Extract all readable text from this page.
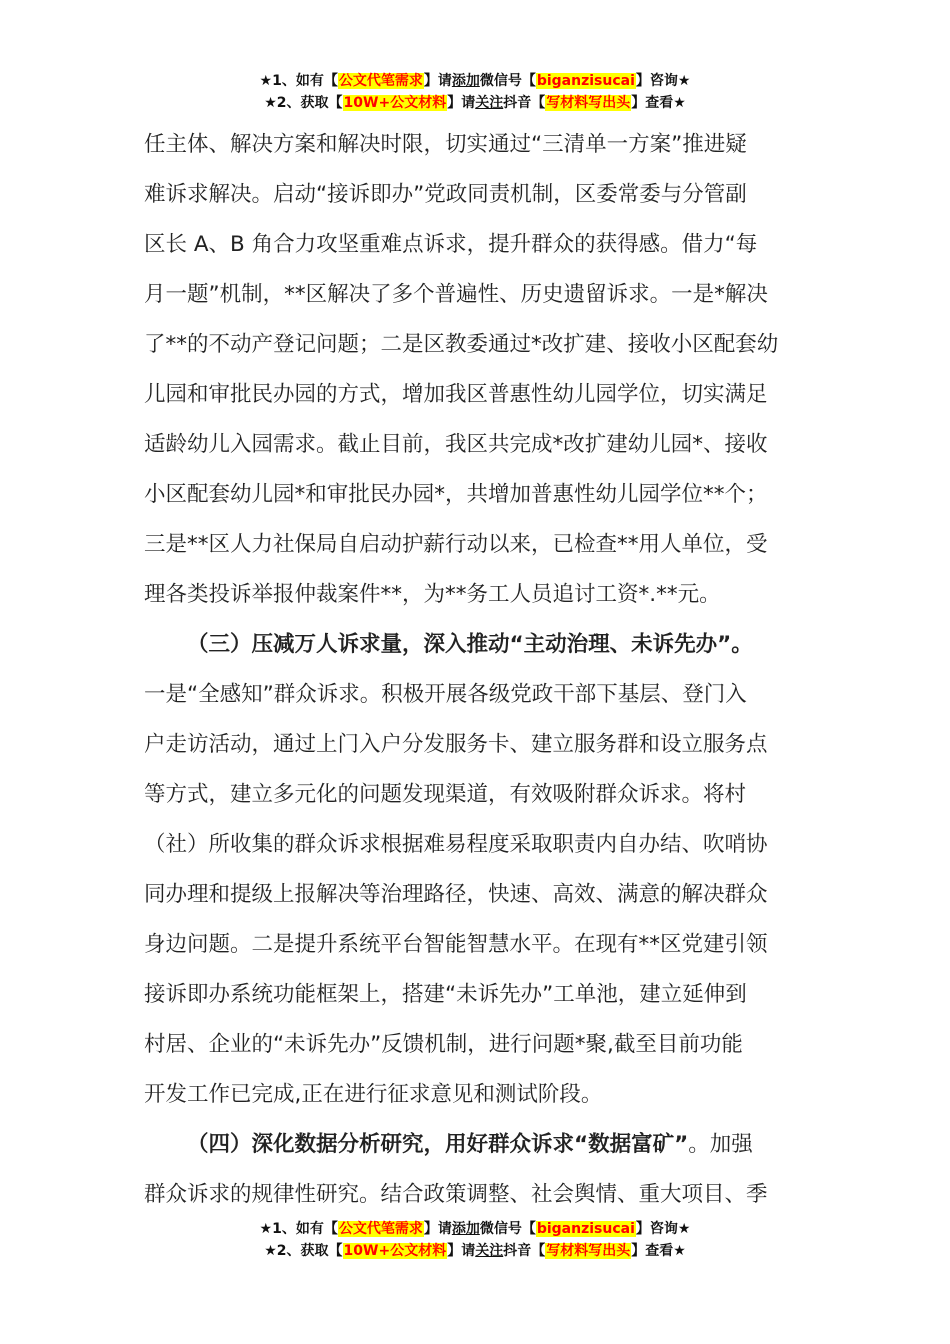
★1、如有【公文代笔需求】请添加微信号【biganzisucai】咨询★
★2、获取【10W+公文材料】请关注抖音【写材料写出头】查看★
任主体、解决方案和解决时限，切实通过“三清单一方案”推进疑
难诉求解决。启动“接诉即办”党政同责机制，区委常委与分管副
区长 A、B 角合力攻坚重难点诉求，提升群众的获得感。借力“每
月一题”机制，**区解决了多个普遍性、历史遗留诉求。一是*解决
了**的不动产登记问题；二是区教委通过*改扩建、接收小区配套幼
儿园和审批民办园的方式，增加我区普惠性幼儿园学位，切实满足
适龄幼儿入园需求。截止目前，我区共完成*改扩建幼儿园*、接收
小区配套幼儿园*和审批民办园*，共增加普惠性幼儿园学位**个；
三是**区人力社保局自启动护薪行动以来，已检查**用人单位，受
理各类投诉举报仲裁案件**，为**务工人员追讨工资*.**元。
（三）压减万人诉求量，深入推动“主动治理、未诉先办”。
一是“全感知”群众诉求。积极开展各级党政干部下基层、登门入
户走访活动，通过上门入户分发服务卡、建立服务群和设立服务点
等方式，建立多元化的问题发现渠道，有效吸附群众诉求。将村
（社）所收集的群众诉求根据难易程度采取职责内自办结、吹哨协
同办理和提级上报解决等治理路径，快速、高效、满意的解决群众
身边问题。二是提升系统平台智能智慧水平。在现有**区党建引领
接诉即办系统功能框架上，搭建“未诉先办”工单池，建立延伸到
村居、企业的“未诉先办”反馈机制，进行问题*聚,截至目前功能
开发工作已完成,正在进行征求意见和测试阶段。
（四）深化数据分析研究，用好群众诉求“数据富矿”。加强
群众诉求的规律性研究。结合政策调整、社会舆情、重大项目、季
★1、如有【公文代笔需求】请添加微信号【biganzisucai】咨询★
★2、获取【10W+公文材料】请关注抖音【写材料写出头】查看★
